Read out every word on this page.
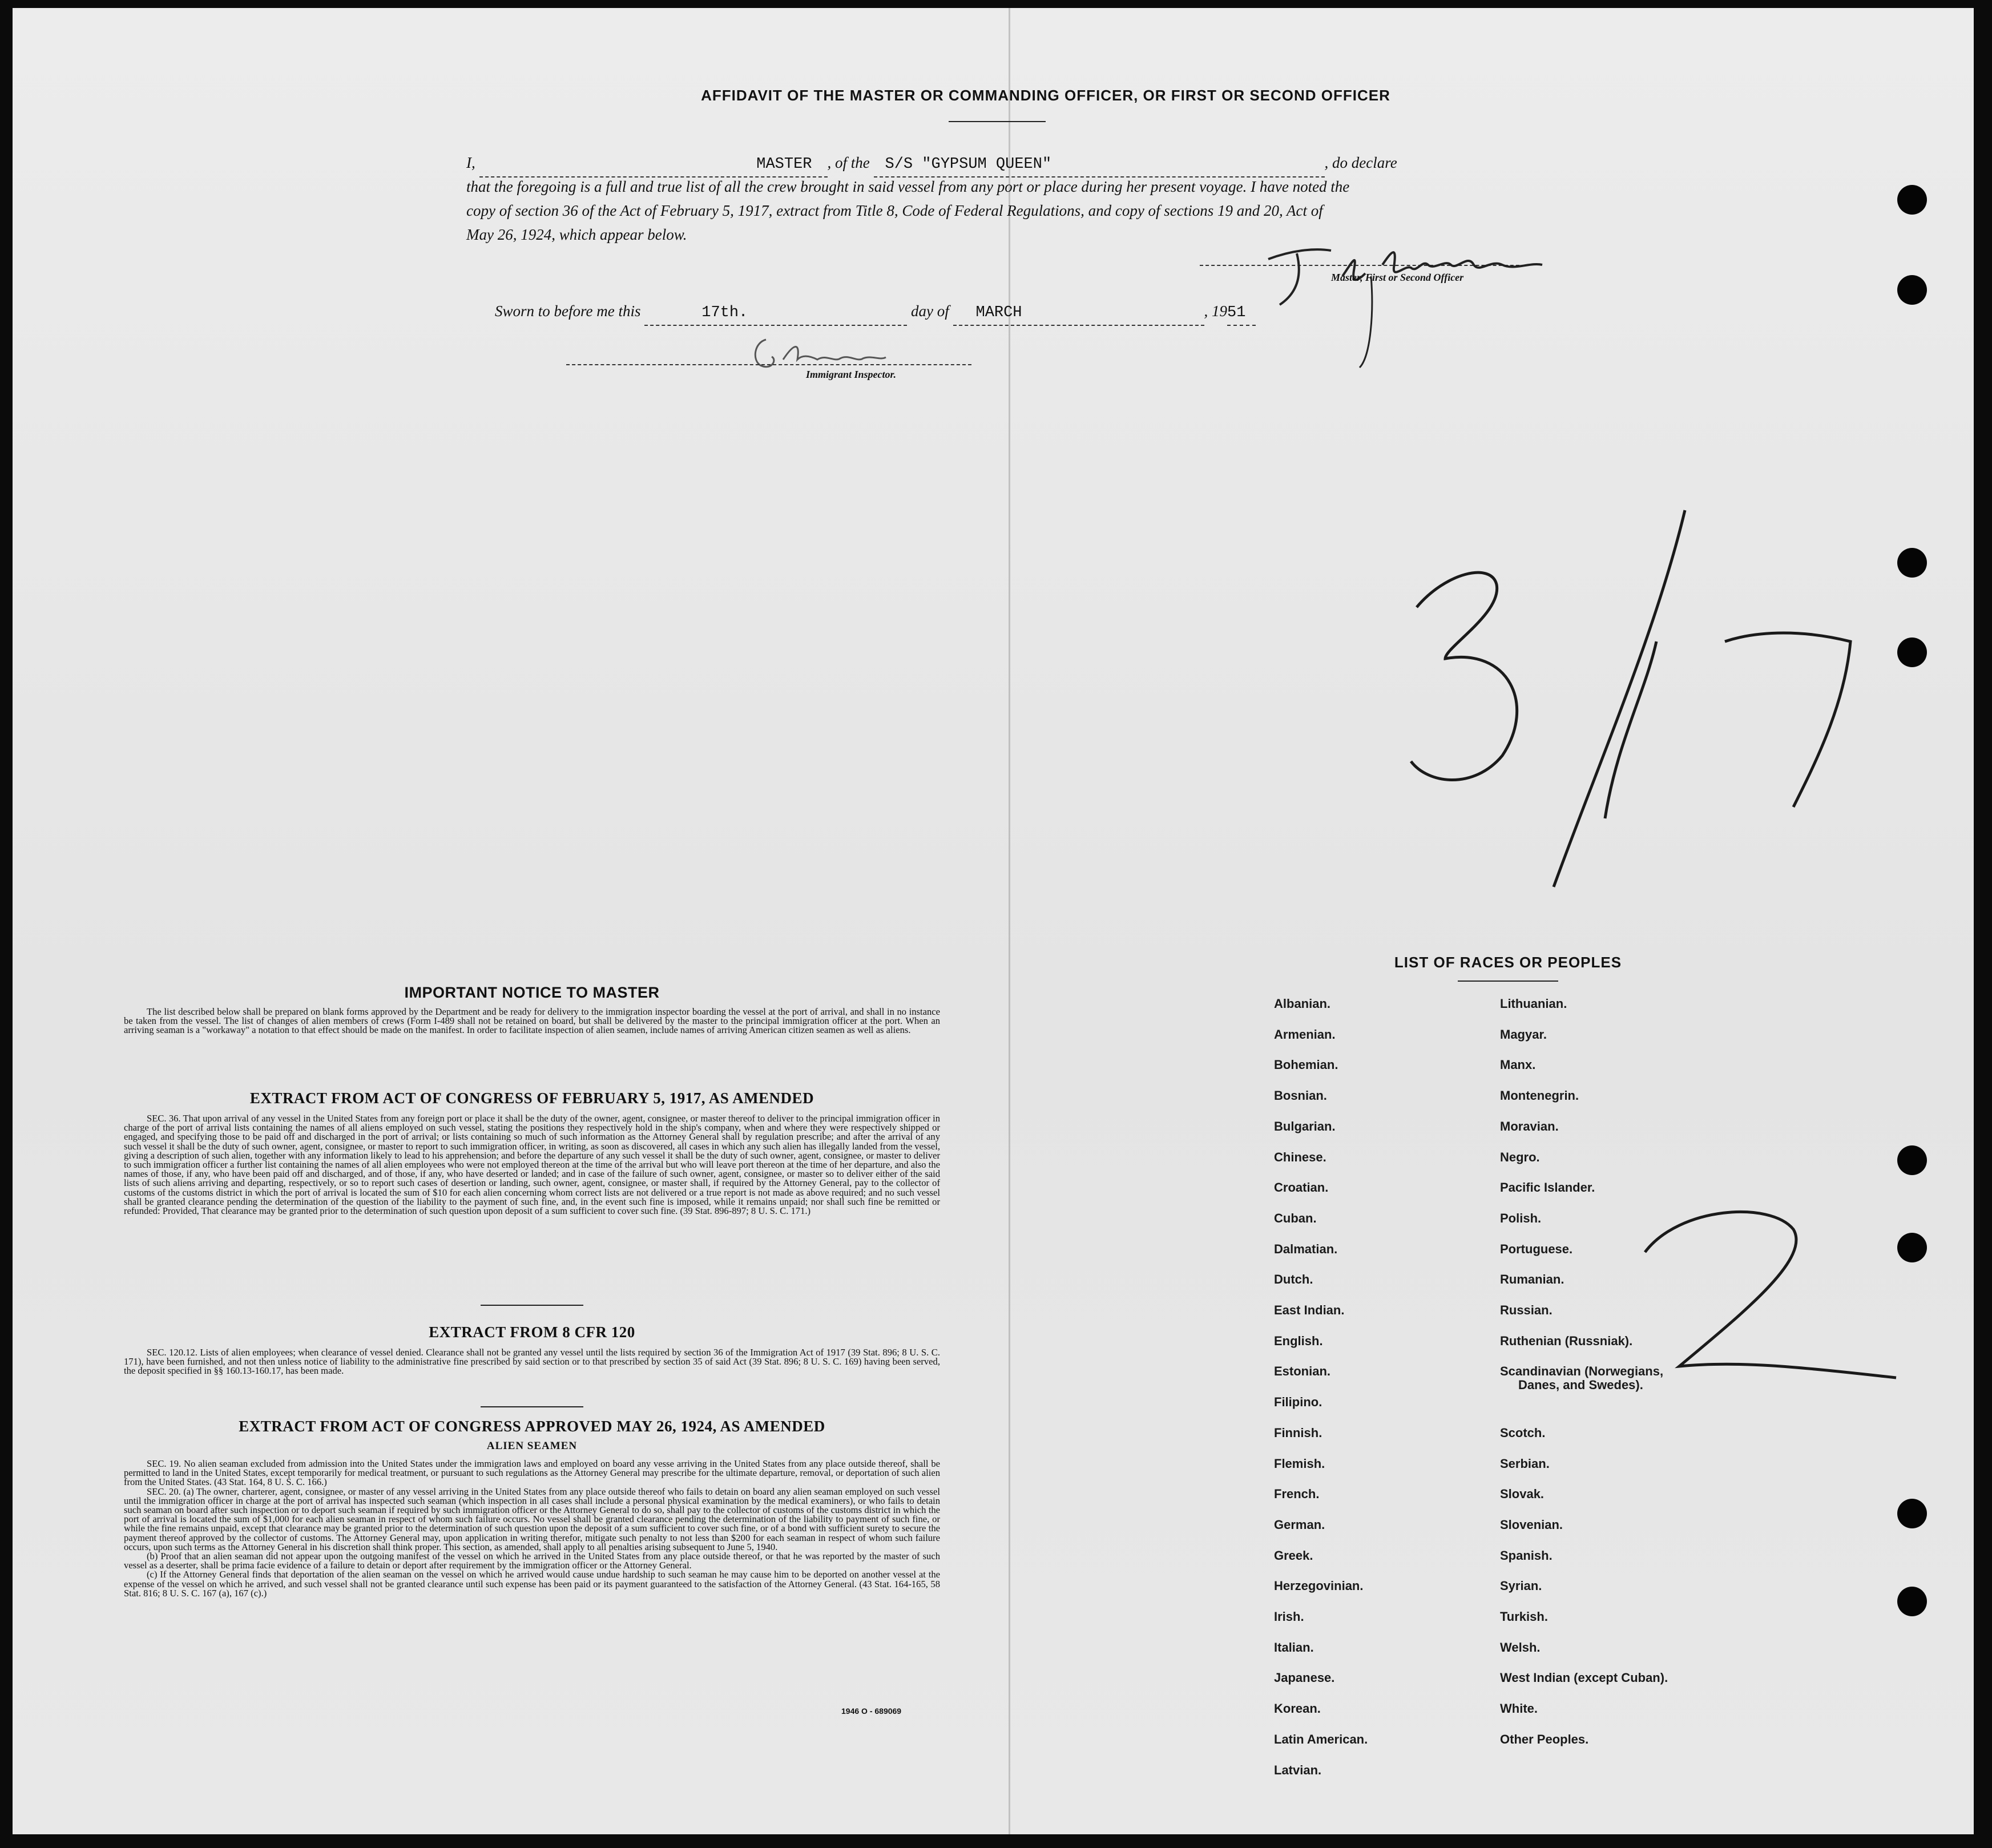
AFFIDAVIT OF THE MASTER OR COMMANDING OFFICER, OR FIRST OR SECOND OFFICER
I,	MASTER , of the S/S "GYPSUM QUEEN"	, do declare
that the foregoing is a full and true list of all the crew brought in said vessel from any port or place during her present voyage. I have noted the
copy of section 36 of the Act of February 5, 1917, extract from Title 8, Code of Federal Regulations, and copy of sections 19 and 20, Act of
May 26, 1924, which appear below.
Master, First or Second Officer
Sworn to before me this	17th.	day of MARCH	, 1951
Immigrant Inspector.
IMPORTANT NOTICE TO MASTER
The list described below shall be prepared on blank forms approved by the Department and be ready for delivery to the immigration inspector boarding the vessel at the port of arrival, and shall in no instance be taken from the vessel. The list of changes of alien members of crews (Form I-489 shall not be retained on board, but shall be delivered by the master to the principal immigration officer at the port. When an arriving seaman is a "workaway" a notation to that effect should be made on the manifest. In order to facilitate inspection of alien seamen, include names of arriving American citizen seamen as well as aliens.
EXTRACT FROM ACT OF CONGRESS OF FEBRUARY 5, 1917, AS AMENDED
SEC. 36. That upon arrival of any vessel in the United States from any foreign port or place it shall be the duty of the owner, agent, consignee, or master thereof to deliver to the principal immigration officer in charge of the port of arrival lists containing the names of all aliens employed on such vessel, stating the positions they respectively hold in the ship's company, when and where they were respectively shipped or engaged, and specifying those to be paid off and discharged in the port of arrival; or lists containing so much of such information as the Attorney General shall by regulation prescribe; and after the arrival of any such vessel it shall be the duty of such owner, agent, consignee, or master to report to such immigration officer, in writing, as soon as discovered, all cases in which any such alien has illegally landed from the vessel, giving a description of such alien, together with any information likely to lead to his apprehension; and before the departure of any such vessel it shall be the duty of such owner, agent, consignee, or master to deliver to such immigration officer a further list containing the names of all alien employees who were not employed thereon at the time of the arrival but who will leave port thereon at the time of her departure, and also the names of those, if any, who have been paid off and discharged, and of those, if any, who have deserted or landed; and in case of the failure of such owner, agent, consignee, or master so to deliver either of the said lists of such aliens arriving and departing, respectively, or so to report such cases of desertion or landing, such owner, agent, consignee, or master shall, if required by the Attorney General, pay to the collector of customs of the customs district in which the port of arrival is located the sum of $10 for each alien concerning whom correct lists are not delivered or a true report is not made as above required; and no such vessel shall be granted clearance pending the determination of the question of the liability to the payment of such fine, and, in the event such fine is imposed, while it remains unpaid; nor shall such fine be remitted or refunded: Provided, That clearance may be granted prior to the determination of such question upon deposit of a sum sufficient to cover such fine. (39 Stat. 896-897; 8 U. S. C. 171.)
EXTRACT FROM 8 CFR 120
SEC. 120.12. Lists of alien employees; when clearance of vessel denied. Clearance shall not be granted any vessel until the lists required by section 36 of the Immigration Act of 1917 (39 Stat. 896; 8 U. S. C. 171), have been furnished, and not then unless notice of liability to the administrative fine prescribed by said section or to that prescribed by section 35 of said Act (39 Stat. 896; 8 U. S. C. 169) having been served, the deposit specified in §§ 160.13-160.17, has been made.
EXTRACT FROM ACT OF CONGRESS APPROVED MAY 26, 1924, AS AMENDED
ALIEN SEAMEN

SEC. 19. No alien seaman excluded from admission into the United States under the immigration laws and employed on board any vesse arriving in the United States from any place outside thereof, shall be permitted to land in the United States, except temporarily for medical treatment, or pursuant to such regulations as the Attorney General may prescribe for the ultimate departure, removal, or deportation of such alien from the United States. (43 Stat. 164, 8 U. S. C. 166.)

SEC. 20. (a) The owner, charterer, agent, consignee, or master of any vessel arriving in the United States from any place outside thereof who fails to detain on board any alien seaman employed on such vessel until the immigration officer in charge at the port of arrival has inspected such seaman (which inspection in all cases shall include a personal physical examination by the medical examiners), or who fails to detain such seaman on board after such inspection or to deport such seaman if required by such immigration officer or the Attorney General to do so, shall pay to the collector of customs of the customs district in which the port of arrival is located the sum of $1,000 for each alien seaman in respect of whom such failure occurs. No vessel shall be granted clearance pending the determination of the liability to payment of such fine, or while the fine remains unpaid, except that clearance may be granted prior to the determination of such question upon the deposit of a sum sufficient to cover such fine, or of a bond with sufficient surety to secure the payment thereof approved by the collector of customs. The Attorney General may, upon application in writing therefor, mitigate such penalty to not less than $200 for each seaman in respect of whom such failure occurs, upon such terms as the Attorney General in his discretion shall think proper. This section, as amended, shall apply to all penalties arising subsequent to June 5, 1940.

(b) Proof that an alien seaman did not appear upon the outgoing manifest of the vessel on which he arrived in the United States from any place outside thereof, or that he was reported by the master of such vessel as a deserter, shall be prima facie evidence of a failure to detain or deport after requirement by the immigration officer or the Attorney General.

(c) If the Attorney General finds that deportation of the alien seaman on the vessel on which he arrived would cause undue hardship to such seaman he may cause him to be deported on another vessel at the expense of the vessel on which he arrived, and such vessel shall not be granted clearance until such expense has been paid or its payment guaranteed to the satisfaction of the Attorney General. (43 Stat. 164-165, 58 Stat. 816; 8 U. S. C. 167 (a), 167 (c).)

1946 O - 689069
LIST OF RACES OR PEOPLES
Albanian.
Armenian.
Bohemian.
Bosnian.
Bulgarian.
Chinese.
Croatian.
Cuban.
Dalmatian.
Dutch.
East Indian.
English.
Estonian.
Filipino.
Finnish.
Flemish.
French.
German.
Greek.
Herzegovinian.
Irish.
Italian.
Japanese.
Korean.
Latin American.
Latvian.
Lithuanian.
Magyar.
Manx.
Montenegrin.
Moravian.
Negro.
Pacific Islander.
Polish.
Portuguese.
Rumanian.
Russian.
Ruthenian (Russniak).
Scandinavian (Norwegians,
Danes, and Swedes).
Scotch.
Serbian.
Slovak.
Slovenian.
Spanish.
Syrian.
Turkish.
Welsh.
West Indian (except Cuban).
White.
Other Peoples.
